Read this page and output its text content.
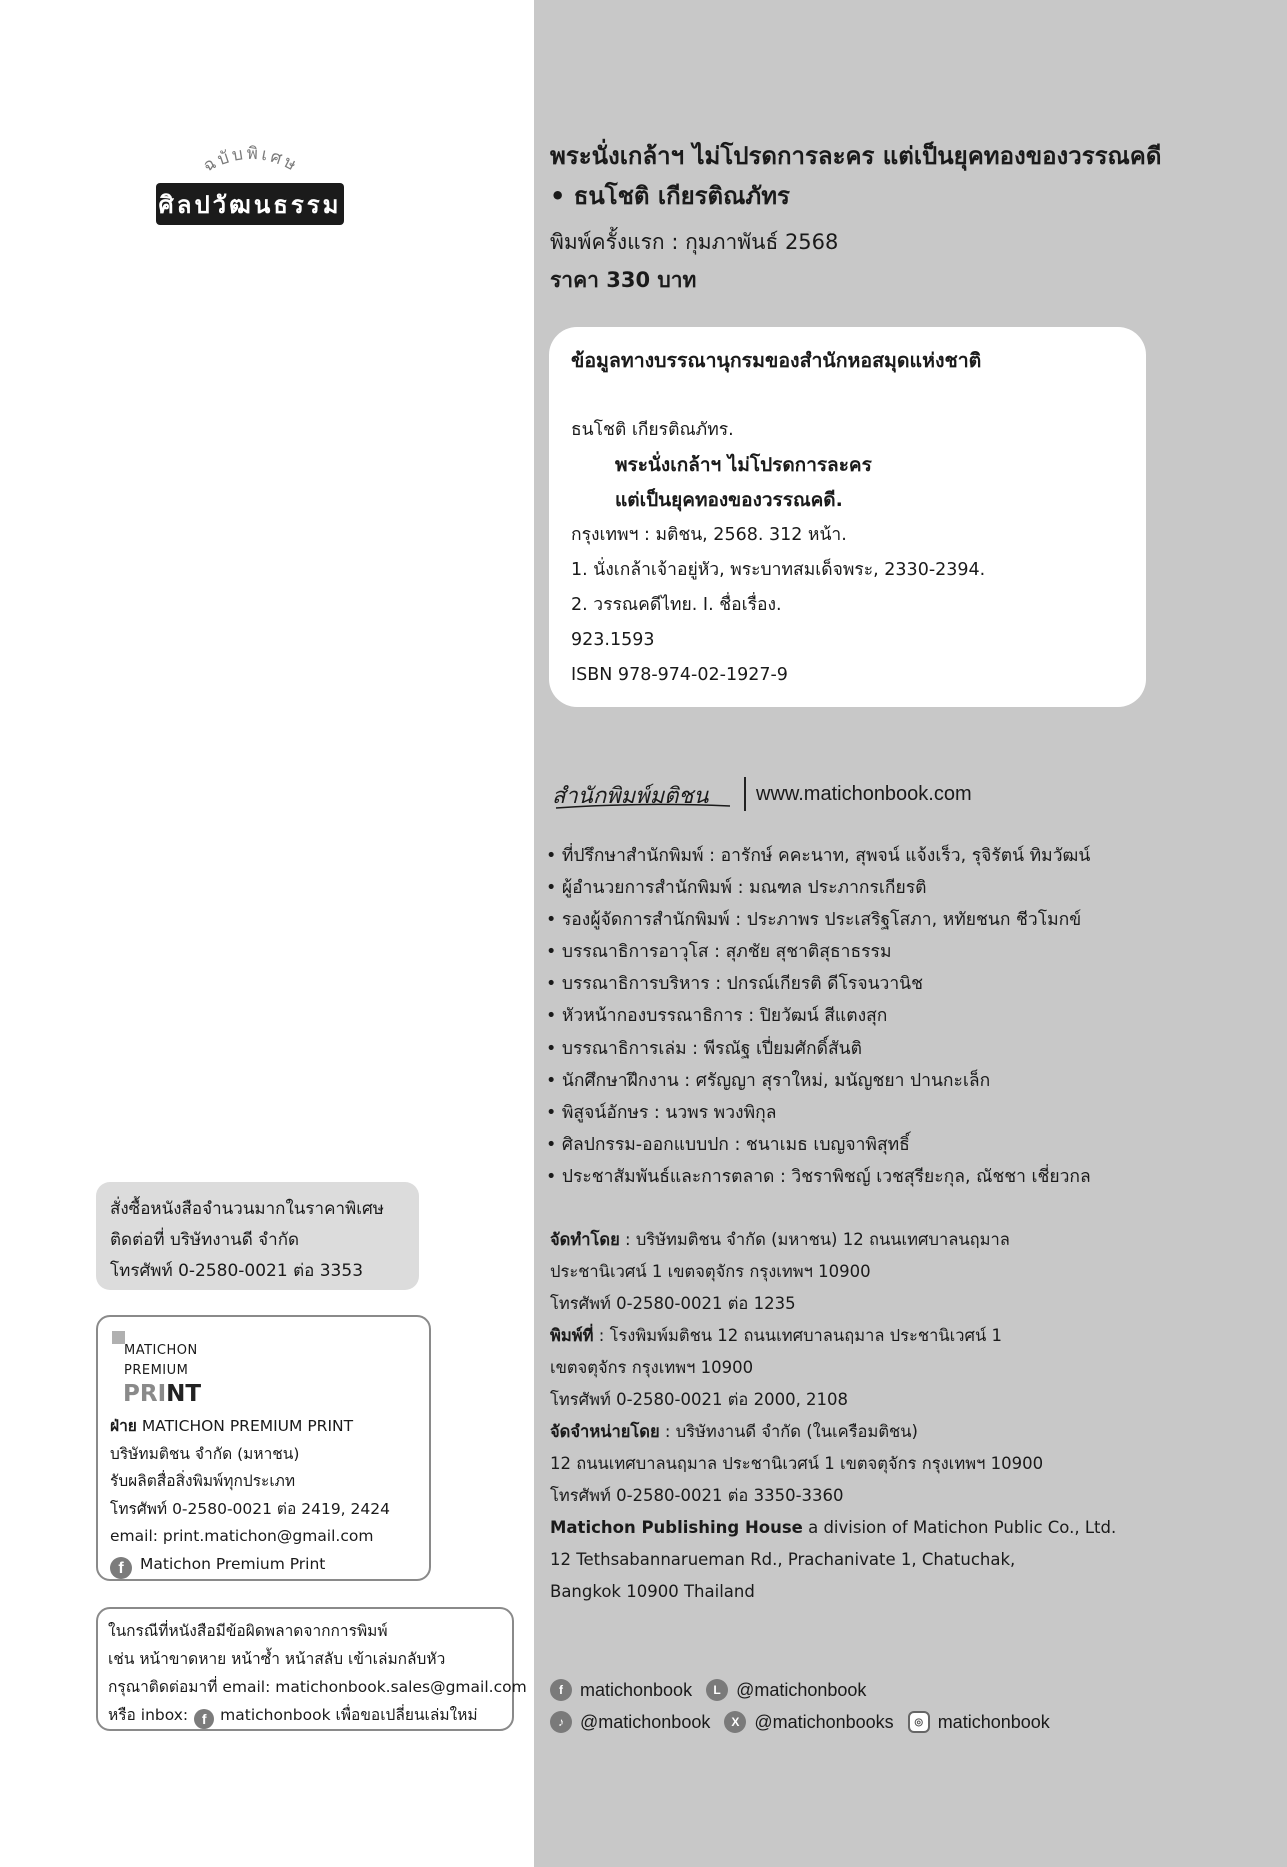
ฉบับพิเศษ
ศิลปวัฒนธรรม
สั่งซื้อหนังสือจำนวนมากในราคาพิเศษ
ติดต่อที่ บริษัทงานดี จำกัด
โทรศัพท์ 0-2580-0021 ต่อ 3353
MATICHON
PREMIUM
PRINT
ฝ่าย MATICHON PREMIUM PRINT
บริษัทมติชน จำกัด (มหาชน)
รับผลิตสื่อสิ่งพิมพ์ทุกประเภท
โทรศัพท์ 0-2580-0021 ต่อ 2419, 2424
email: print.matichon@gmail.com
f Matichon Premium Print
ในกรณีที่หนังสือมีข้อผิดพลาดจากการพิมพ์
เช่น หน้าขาดหาย หน้าซ้ำ หน้าสลับ เข้าเล่มกลับหัว
กรุณาติดต่อมาที่ email: matichonbook.sales@gmail.com
หรือ inbox: f matichonbook เพื่อขอเปลี่ยนเล่มใหม่
พระนั่งเกล้าฯ ไม่โปรดการละคร แต่เป็นยุคทองของวรรณคดี
• ธนโชติ เกียรติณภัทร
พิมพ์ครั้งแรก : กุมภาพันธ์ 2568
ราคา 330 บาท
ข้อมูลทางบรรณานุกรมของสำนักหอสมุดแห่งชาติ
ธนโชติ เกียรติณภัทร.
พระนั่งเกล้าฯ ไม่โปรดการละคร
แต่เป็นยุคทองของวรรณคดี.
กรุงเทพฯ : มติชน, 2568. 312 หน้า.
1. นั่งเกล้าเจ้าอยู่หัว, พระบาทสมเด็จพระ, 2330-2394.
2. วรรณคดีไทย. I. ชื่อเรื่อง.
923.1593
ISBN 978-974-02-1927-9
สำนักพิมพ์มติชน www.matichonbook.com
• ที่ปรึกษาสำนักพิมพ์ : อารักษ์ คคะนาท, สุพจน์ แจ้งเร็ว, รุจิรัตน์ ทิมวัฒน์
• ผู้อำนวยการสำนักพิมพ์ : มณฑล ประภากรเกียรติ
• รองผู้จัดการสำนักพิมพ์ : ประภาพร ประเสริฐโสภา, หทัยชนก ชีวโมกข์
• บรรณาธิการอาวุโส : สุภชัย สุชาติสุธาธรรม
• บรรณาธิการบริหาร : ปกรณ์เกียรติ ดีโรจนวานิช
• หัวหน้ากองบรรณาธิการ : ปิยวัฒน์ สีแตงสุก
• บรรณาธิการเล่ม : พีรณัฐ เปี่ยมศักดิ์สันติ
• นักศึกษาฝึกงาน : ศรัญญา สุราใหม่, มนัญชยา ปานกะเล็ก
• พิสูจน์อักษร : นวพร พวงพิกุล
• ศิลปกรรม-ออกแบบปก : ชนาเมธ เบญจาพิสุทธิ์
• ประชาสัมพันธ์และการตลาด : วิชราพิชญ์ เวชสุรียะกุล, ณัชชา เชี่ยวกล
จัดทำโดย : บริษัทมติชน จำกัด (มหาชน) 12 ถนนเทศบาลนฤมาล
ประชานิเวศน์ 1 เขตจตุจักร กรุงเทพฯ 10900
โทรศัพท์ 0-2580-0021 ต่อ 1235
พิมพ์ที่ : โรงพิมพ์มติชน 12 ถนนเทศบาลนฤมาล ประชานิเวศน์ 1
เขตจตุจักร กรุงเทพฯ 10900
โทรศัพท์ 0-2580-0021 ต่อ 2000, 2108
จัดจำหน่ายโดย : บริษัทงานดี จำกัด (ในเครือมติชน)
12 ถนนเทศบาลนฤมาล ประชานิเวศน์ 1 เขตจตุจักร กรุงเทพฯ 10900
โทรศัพท์ 0-2580-0021 ต่อ 3350-3360
Matichon Publishing House a division of Matichon Public Co., Ltd.
12 Tethsabannarueman Rd., Prachanivate 1, Chatuchak,
Bangkok 10900 Thailand
f matichonbook	L @matichonbook
♪ @matichonbook	X @matichonbooks	◎ matichonbook
